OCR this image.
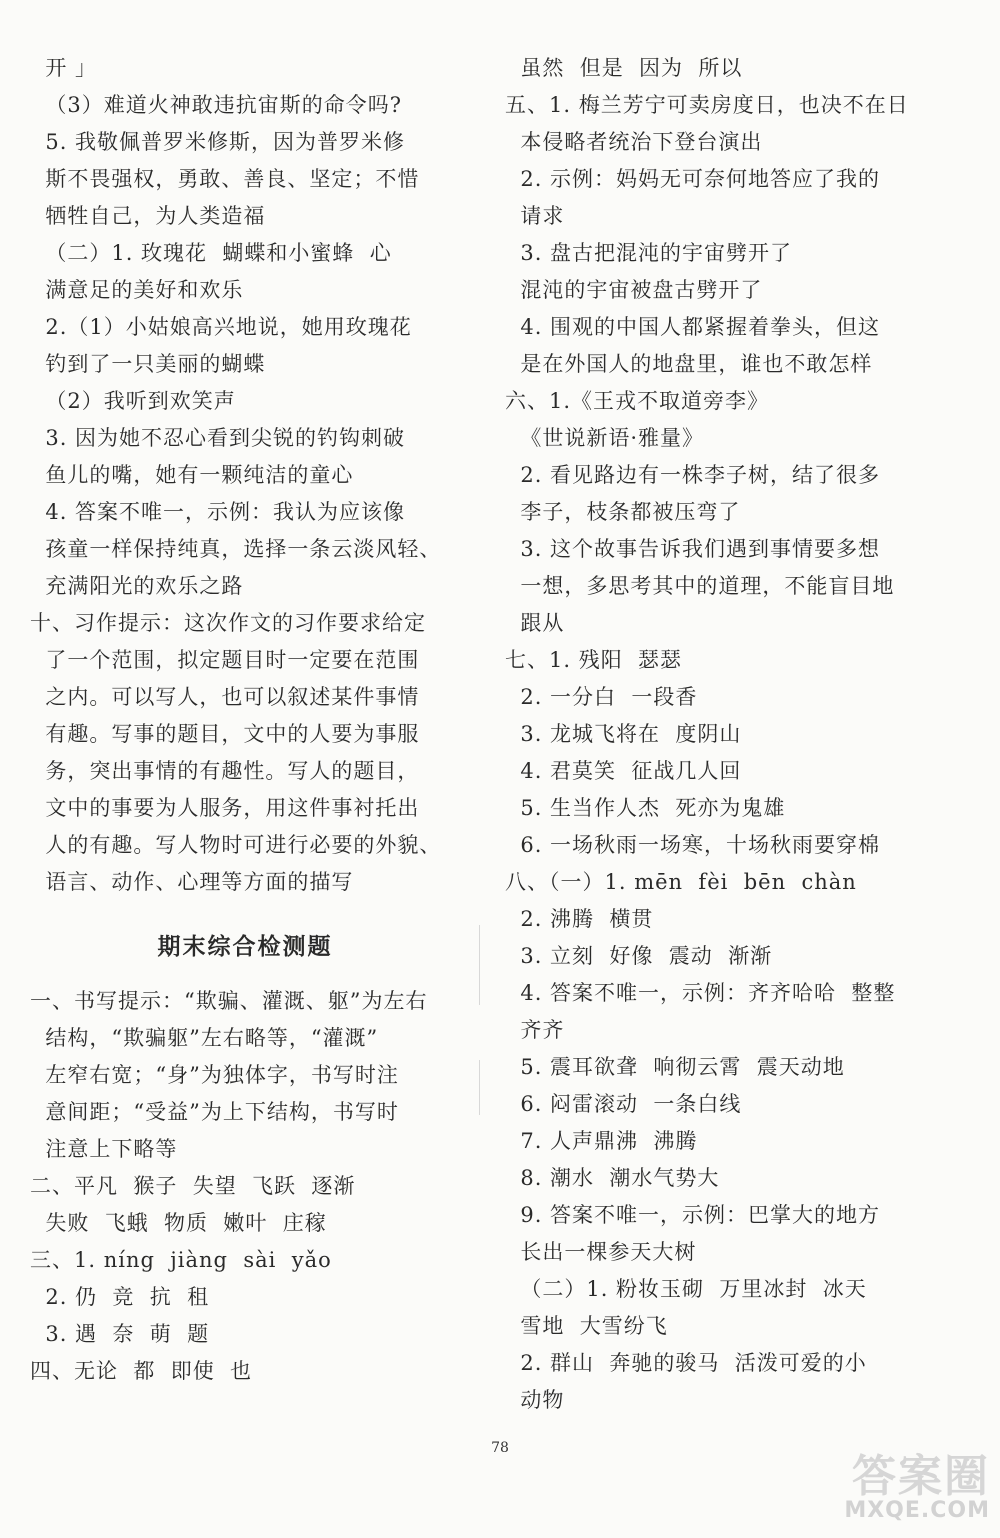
开 」
（3）难道火神敢违抗宙斯的命令吗?
5. 我敬佩普罗米修斯，因为普罗米修
斯不畏强权，勇敢、善良、坚定；不惜
牺牲自己，为人类造福
（二）1. 玫瑰花  蝴蝶和小蜜蜂  心
满意足的美好和欢乐
2.（1）小姑娘高兴地说，她用玫瑰花
钓到了一只美丽的蝴蝶
（2）我听到欢笑声
3. 因为她不忍心看到尖锐的钓钩刺破
鱼儿的嘴，她有一颗纯洁的童心
4. 答案不唯一，示例：我认为应该像
孩童一样保持纯真，选择一条云淡风轻、
充满阳光的欢乐之路
十、习作提示：这次作文的习作要求给定
了一个范围，拟定题目时一定要在范围
之内。可以写人，也可以叙述某件事情
有趣。写事的题目，文中的人要为事服
务，突出事情的有趣性。写人的题目，
文中的事要为人服务，用这件事衬托出
人的有趣。写人物时可进行必要的外貌、
语言、动作、心理等方面的描写
期末综合检测题
一、书写提示：“欺骗、灌溉、躯”为左右
结构，“欺骗躯”左右略等，“灌溉”
左窄右宽；“身”为独体字，书写时注
意间距；“受益”为上下结构，书写时
注意上下略等
二、平凡  猴子  失望  飞跃  逐渐
失败  飞蛾  物质  嫩叶  庄稼
三、1. níng  jiàng  sài  yǎo
2. 仍  竞  抗  租
3. 遇  奈  萌  题
四、无论  都  即使  也
虽然  但是  因为  所以
五、1. 梅兰芳宁可卖房度日，也决不在日
本侵略者统治下登台演出
2. 示例：妈妈无可奈何地答应了我的
请求
3. 盘古把混沌的宇宙劈开了
混沌的宇宙被盘古劈开了
4. 围观的中国人都紧握着拳头，但这
是在外国人的地盘里，谁也不敢怎样
六、1.《王戎不取道旁李》
《世说新语·雅量》
2. 看见路边有一株李子树，结了很多
李子，枝条都被压弯了
3. 这个故事告诉我们遇到事情要多想
一想，多思考其中的道理，不能盲目地
跟从
七、1. 残阳  瑟瑟
2. 一分白  一段香
3. 龙城飞将在  度阴山
4. 君莫笑  征战几人回
5. 生当作人杰  死亦为鬼雄
6. 一场秋雨一场寒，十场秋雨要穿棉
八、（一）1. mēn  fèi  bēn  chàn
2. 沸腾  横贯
3. 立刻  好像  震动  渐渐
4. 答案不唯一，示例：齐齐哈哈  整整
齐齐
5. 震耳欲聋  响彻云霄  震天动地
6. 闷雷滚动  一条白线
7. 人声鼎沸  沸腾
8. 潮水  潮水气势大
9. 答案不唯一，示例：巴掌大的地方
长出一棵参天大树
（二）1. 粉妆玉砌  万里冰封  冰天
雪地  大雪纷飞
2. 群山  奔驰的骏马  活泼可爱的小
动物
78
答案圈
MXQE.COM
